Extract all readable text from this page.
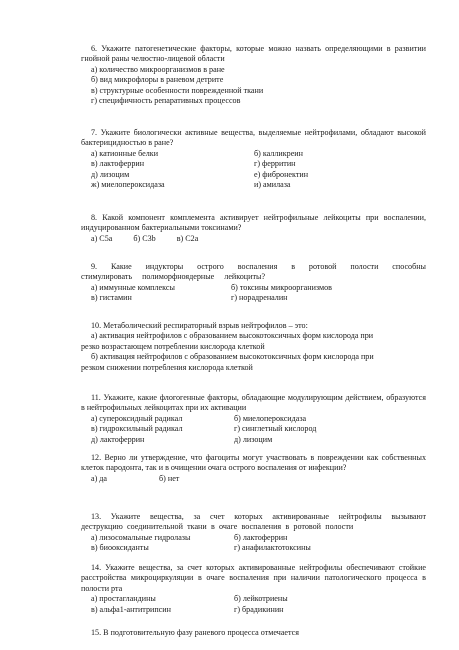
6. Укажите патогенетические факторы, которые можно назвать определяющими в развитии гнойной раны челюстно-лицевой области
а) количество микроорганизмов в ране
б) вид микрофлоры в раневом детрите
в) структурные особенности поврежденной ткани
г) специфичность репаративных процессов
7. Укажите биологически активные вещества, выделяемые нейтрофилами, обладают высокой бактерицидностью в ране?
а) катионные белки	б) калликреин
в) лактоферрин	г) ферритин
д) лизоцим	е) фибронектин
ж) миелопероксидаза	и) амилаза
8. Какой компонент комплемента активирует нейтрофильные лейкоциты при воспалении, индуцированном бактериальными токсинами?
а) С5а	б) С3b	в) С2а
9. Какие индукторы острого воспаления в ротовой полости способны стимулировать полиморфноядерные лейкоциты?
а) иммунные комплексы	б) токсины микроорганизмов
в) гистамин	г) норадреналин
10. Метаболический респираторный взрыв нейтрофилов – это:
а) активация нейтрофилов с образованием высокотоксичных форм кислорода при
резко возрастающем потреблении кислорода клеткой
б) активация нейтрофилов с образованием высокотоксичных форм кислорода при
резком снижении потребления кислорода клеткой
11. Укажите, какие флогогенные факторы, обладающие модулирующим действием, образуются в нейтрофильных лейкоцитах при их активации
а) супероксидный радикал	б) миелопероксидаза
в) гидроксильный радикал	г) синглетный кислород
д) лактоферрин	д) лизоцим
12. Верно ли утверждение, что фагоциты могут участвовать в повреждении как собственных клеток пародонта, так и в очищении очага острого воспаления от инфекции?
а) да	б) нет
13. Укажите вещества, за счет которых активированные нейтрофилы вызывают деструкцию соединительной ткани в очаге воспаления в ротовой полости
а) лизосомальные гидролазы	б) лактоферрин
в) биооксиданты	г) анафилактотоксины
14. Укажите вещества, за счет которых активированные нейтрофилы обеспечивают стойкие расстройства микроциркуляции в очаге воспаления при наличии патологического процесса в полости рта
а) простагландины	б) лейкотриены
в) альфа1-антитрипсин	г) брадикинин
15. В подготовительную фазу раневого процесса отмечается
